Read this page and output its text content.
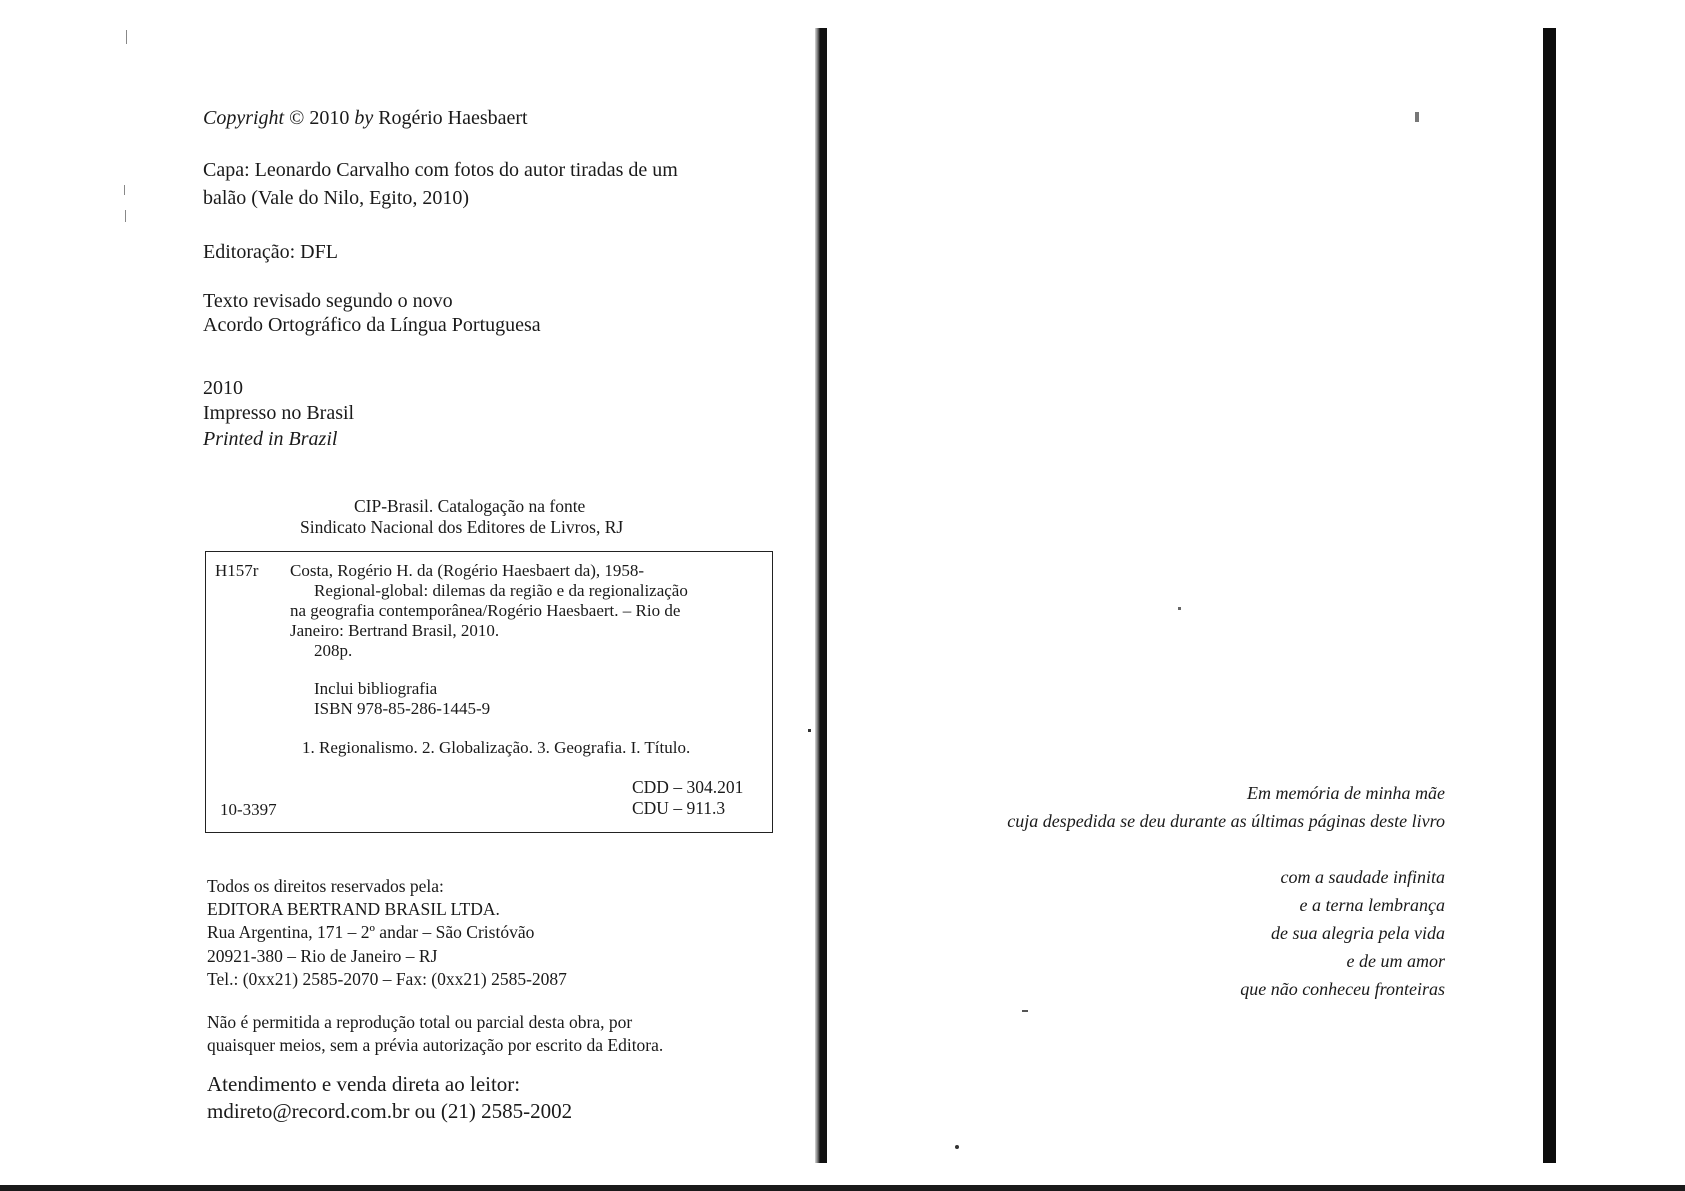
Copyright © 2010 by Rogério Haesbaert
Capa: Leonardo Carvalho com fotos do autor tiradas de um
balão (Vale do Nilo, Egito, 2010)
Editoração: DFL
Texto revisado segundo o novo
Acordo Ortográfico da Língua Portuguesa
2010
Impresso no Brasil
Printed in Brazil
CIP-Brasil. Catalogação na fonte
Sindicato Nacional dos Editores de Livros, RJ
H157r Costa, Rogério H. da (Rogério Haesbaert da), 1958-
Regional-global: dilemas da região e da regionalização
na geografia contemporânea/Rogério Haesbaert. – Rio de
Janeiro: Bertrand Brasil, 2010.
208p.
Inclui bibliografia
ISBN 978-85-286-1445-9
1. Regionalismo. 2. Globalização. 3. Geografia. I. Título.
CDD – 304.201
CDU – 911.3
10-3397
Todos os direitos reservados pela:
EDITORA BERTRAND BRASIL LTDA.
Rua Argentina, 171 – 2º andar – São Cristóvão
20921-380 – Rio de Janeiro – RJ
Tel.: (0xx21) 2585-2070 – Fax: (0xx21) 2585-2087
Não é permitida a reprodução total ou parcial desta obra, por
quaisquer meios, sem a prévia autorização por escrito da Editora.
Atendimento e venda direta ao leitor:
mdireto@record.com.br ou (21) 2585-2002
Em memória de minha mãe
cuja despedida se deu durante as últimas páginas deste livro
com a saudade infinita
e a terna lembrança
de sua alegria pela vida
e de um amor
que não conheceu fronteiras
